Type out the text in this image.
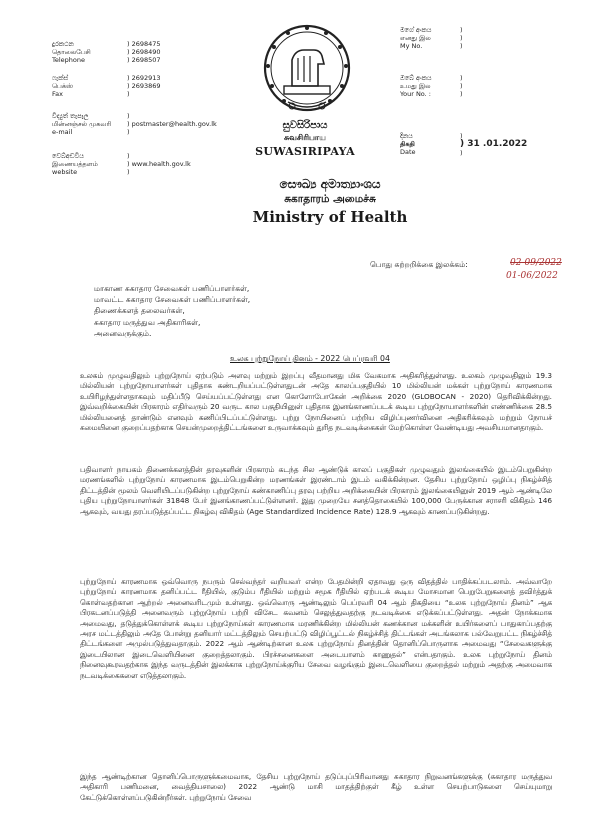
දුරකථන
தொலைபேசி
Telephone
) 2698475
) 2698490
) 2698507
ෆැක්ස්
பெக்ஸ்
Fax
) 2692913
) 2693869
)
විද්‍යුත් තැපෑල
மின்னஞ்சல் முகவரி
e-mail
)
) postmaster@health.gov.lk
)
වෙබ්අඩවිය
இணையத்தளம்
website
)
) www.health.gov.lk
)
සුවසිරිපාය
சுவசிரிபாய
SUWASIRIPAYA
මගේ අංකය
எனது இல
My No.
)
)
)
ඔබේ අංකය
உமது இல
Your No. :
)
)
)
දිනය
திகதி
Date
)
) 31 .01.2022
)
සෞඛ්‍ය අමාත්‍යාංශය
சுகாதாரம் அமைச்சு
Ministry of Health
பொது சுற்றறிக்கை இலக்கம்:	02-09/2022
01-06/2022
மாகாண சுகாதார சேவைகள் பணிப்பாளர்கள்,
மாவட்ட சுகாதார சேவைகள் பணிப்பாளர்கள்,
திணைக்களத் தலைவர்கள்,
சுகாதார மருத்துவ அதிகாரிகள்,
அனைவருக்கும்.
உலக புற்றுநோய் தினம் - 2022 பெப்ரவரி 04
உலகம் முழுவதிலும் புற்றுநோய் ஏற்படும் அளவு மற்றும் இறப்பு வீதமானது மிக வேகமாக அதிகரித்துள்ளது. உலகம் முழுவதிலும் 19.3 மில்லியன் புற்றுநோயாளர்கள் புதிதாக கண்டறியப்பட்டுள்ளதுடன் அதே காலப்பகுதியில் 10 மில்லியன் மக்கள் புற்றுநோய் காரணமாக உயிரிழந்துள்ளதாகவும் மதிப்பீடு செய்யப்பட்டுள்ளது என கொளோபோகேன் அறிக்கை 2020 (GLOBOCAN - 2020) தெரிவிக்கின்றது. இவ்வறிக்கையின் பிரகாரம் எதிர்வரும் 20 வருட கால பகுதியினுள் புதிதாக இனங்காணப்படக் கூடிய புற்றுநோயாளர்களின் எண்ணிக்கை 28.5 மில்லியனைத் தாண்டும் எனவும் கணிப்பிடப்பட்டுள்ளது. புற்று நோயினைப் பற்றிய விழிப்புணர்வினை அதிகரிக்கவும் மற்றும் நோயச் சுமையினை குறைப்பதற்காக செயன்முறைத்திட்டங்களை உருவாக்கவும் துரித நடவடிக்கைகள் மேற்கொள்ள வேண்டியது அவசியமானதாகும்.
பதிவாளர் நாயகம் திணைக்களத்தின் தரவுகளின் பிரகாரம் கடந்த சில ஆண்டுக் காலப் பகுதிகள் முழுவதும் இலங்கையில் இடம்பெறுகின்ற மரணங்களில் புற்றுநோய் காரணமாக இடம்பெறுகின்ற மரணங்கள் இரண்டாம் இடம் வகிக்கின்றன. தேசிய புற்றுநோய் ஒழிப்பு நிகழ்ச்சித் திட்டத்தின் மூலம் வெளியிடப்படுகின்ற புற்றுநோய் கண்காணிப்பு தரவு பற்றிய அறிக்கையின் பிரகாரம் இலங்கையினுள் 2019 ஆம் ஆண்டிலே புதிய புற்றுநோயாளர்கள் 31848 பேர் இனங்காணப்பட்டுள்ளனர். இது முறையே சனத்தொகையில் 100,000 பேருக்கான சராசரி விகிதம் 146 ஆகவும், வயது தரப்படுத்தப்பட்ட நிகழ்வு விகிதம் (Age Standardized Incidence Rate) 128.9 ஆகவும் காணப்படுகின்றது.
புற்றுநோய் காரணமாக ஒவ்வொரு நபரும் செல்வந்தர் வறியவர் என்ற பேதமின்றி ஏதாவது ஒரு விதத்தில் பாதிக்கப்படலாம். அவ்வாறே புற்றுநோய் காரணமாக தனிப்பட்ட ரீதியில், குடும்ப ரீதியில் மற்றும் சமூக ரீதியில் ஏற்படக் கூடிய மோசமான பெறுபேறுகளைத் தவிர்த்துக் கொள்வதற்கான ஆற்றல் அனைவரிடமும் உள்ளது. ஒவ்வொரு ஆண்டிலும் பெப்ரவரி 04 ஆம் திகதியை “உலக புற்றுநோய் தினம்” ஆக பிரகடனப்படுத்தி அனைவரும் புற்றுநோய் பற்றி விசேட கவனம் செலுத்துவதற்கு நடவடிக்கை எடுக்கப்பட்டுள்ளது. அதன் நோக்கமாக அமைவது, தடுத்துக்கொள்ளக் கூடிய புற்றுநோய்கள் காரணமாக மரணிக்கின்ற மில்லியன் கணக்கான மக்களின் உயிர்களைப் பாதுகாப்பதற்கு அரச மட்டத்திலும் அதே போன்று தனியார் மட்டத்திலும் செயற்பட்டு விழிப்பூட்டல் நிகழ்ச்சித் திட்டங்கள் அடங்கலாக பல்வேறுபட்ட நிகழ்ச்சித் திட்டங்களை அமுல்படுத்துவதாகும். 2022 ஆம் ஆண்டிற்கான உலக புற்றுநோய் தினத்தின் தொனிப்பொருளாக அமைவது “சேவைகளுக்கு இடையிலான இடைவெளியினை குறைத்தலாகும். பிரச்சனைகளை அடையாளம் காணுதல்” என்பதாகும். உலக புற்றுநோய் தினம் நினைவுகூரவதற்காக இந்த வருடத்தின் இலக்காக புற்றுநோய்க்குரிய சேவை வழங்கும் இடைவெளியை குறைத்தல் மற்றும் அதற்கு அமைவாக நடவடிக்கைகளை எடுத்தலாகும்.
இந்த ஆண்டிற்கான தொனிப்பொருளுக்கமைவாக, தேசிய புற்றுநோய் தடுப்புப்பிரிவானது சுகாதார நிறுவனங்களுக்கு (சுகாதார மருத்துவ அதிகாரி பணிமனை, வைத்தியசாலை) 2022 ஆண்டு மாசி மாதத்திற்குள் கீழ் உள்ள செயற்பாடுகளை செய்யுமாறு கேட்டுக்கொள்ளப்படுகின்றீர்கள். புற்றுநோய் சேவை
